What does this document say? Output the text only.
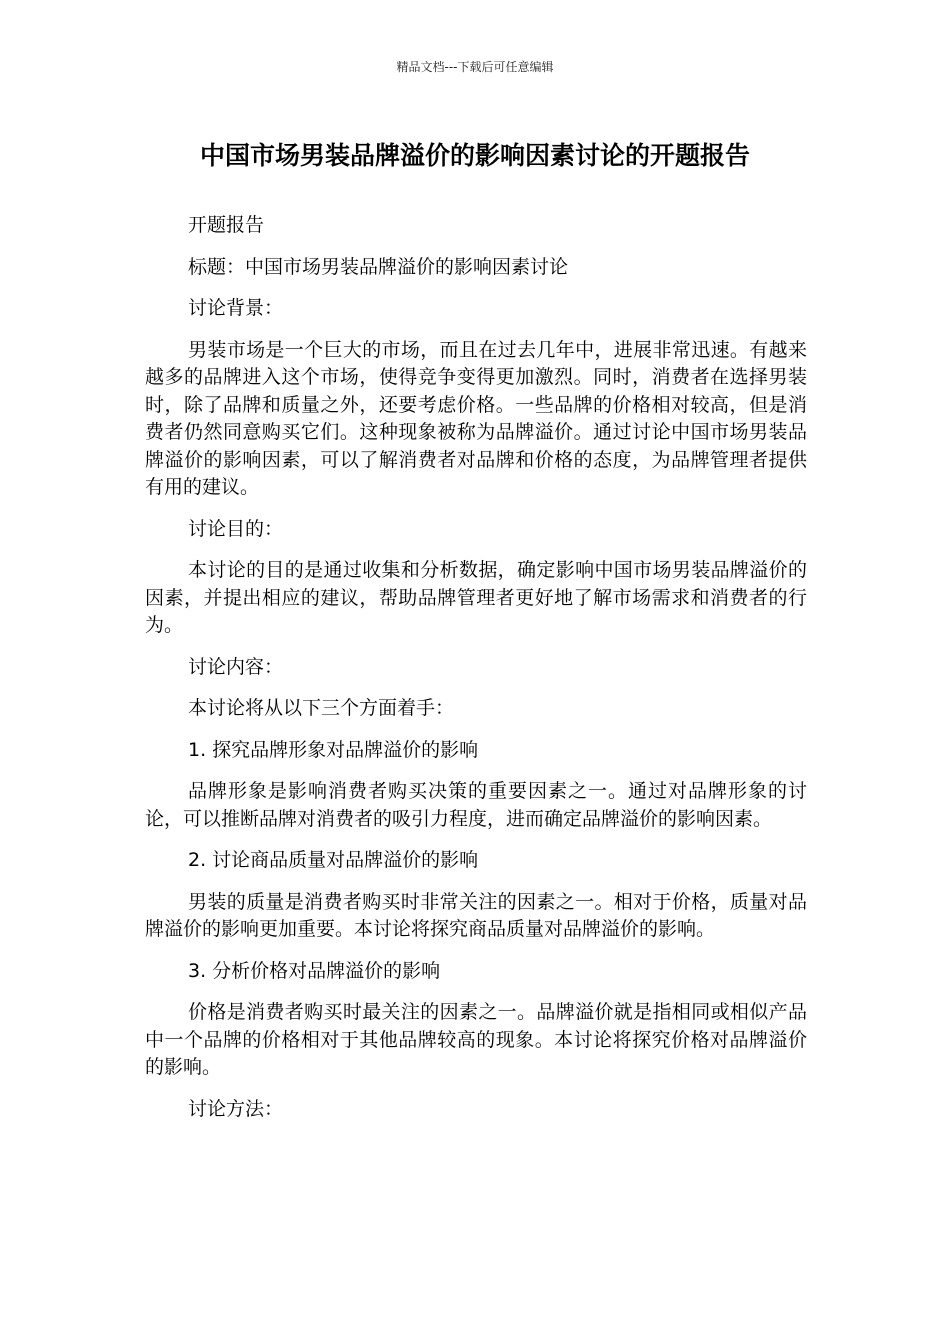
精品文档---下载后可任意编辑
中国市场男装品牌溢价的影响因素讨论的开题报告

开题报告

标题：中国市场男装品牌溢价的影响因素讨论

讨论背景：

男装市场是一个巨大的市场，而且在过去几年中，进展非常迅速。有越来越多的品牌进入这个市场，使得竞争变得更加激烈。同时，消费者在选择男装时，除了品牌和质量之外，还要考虑价格。一些品牌的价格相对较高，但是消费者仍然同意购买它们。这种现象被称为品牌溢价。通过讨论中国市场男装品牌溢价的影响因素，可以了解消费者对品牌和价格的态度，为品牌管理者提供有用的建议。

讨论目的：

本讨论的目的是通过收集和分析数据，确定影响中国市场男装品牌溢价的因素，并提出相应的建议，帮助品牌管理者更好地了解市场需求和消费者的行为。

讨论内容：

本讨论将从以下三个方面着手：

1. 探究品牌形象对品牌溢价的影响

品牌形象是影响消费者购买决策的重要因素之一。通过对品牌形象的讨论，可以推断品牌对消费者的吸引力程度，进而确定品牌溢价的影响因素。

2. 讨论商品质量对品牌溢价的影响

男装的质量是消费者购买时非常关注的因素之一。相对于价格，质量对品牌溢价的影响更加重要。本讨论将探究商品质量对品牌溢价的影响。

3. 分析价格对品牌溢价的影响

价格是消费者购买时最关注的因素之一。品牌溢价就是指相同或相似产品中一个品牌的价格相对于其他品牌较高的现象。本讨论将探究价格对品牌溢价的影响。

讨论方法：
